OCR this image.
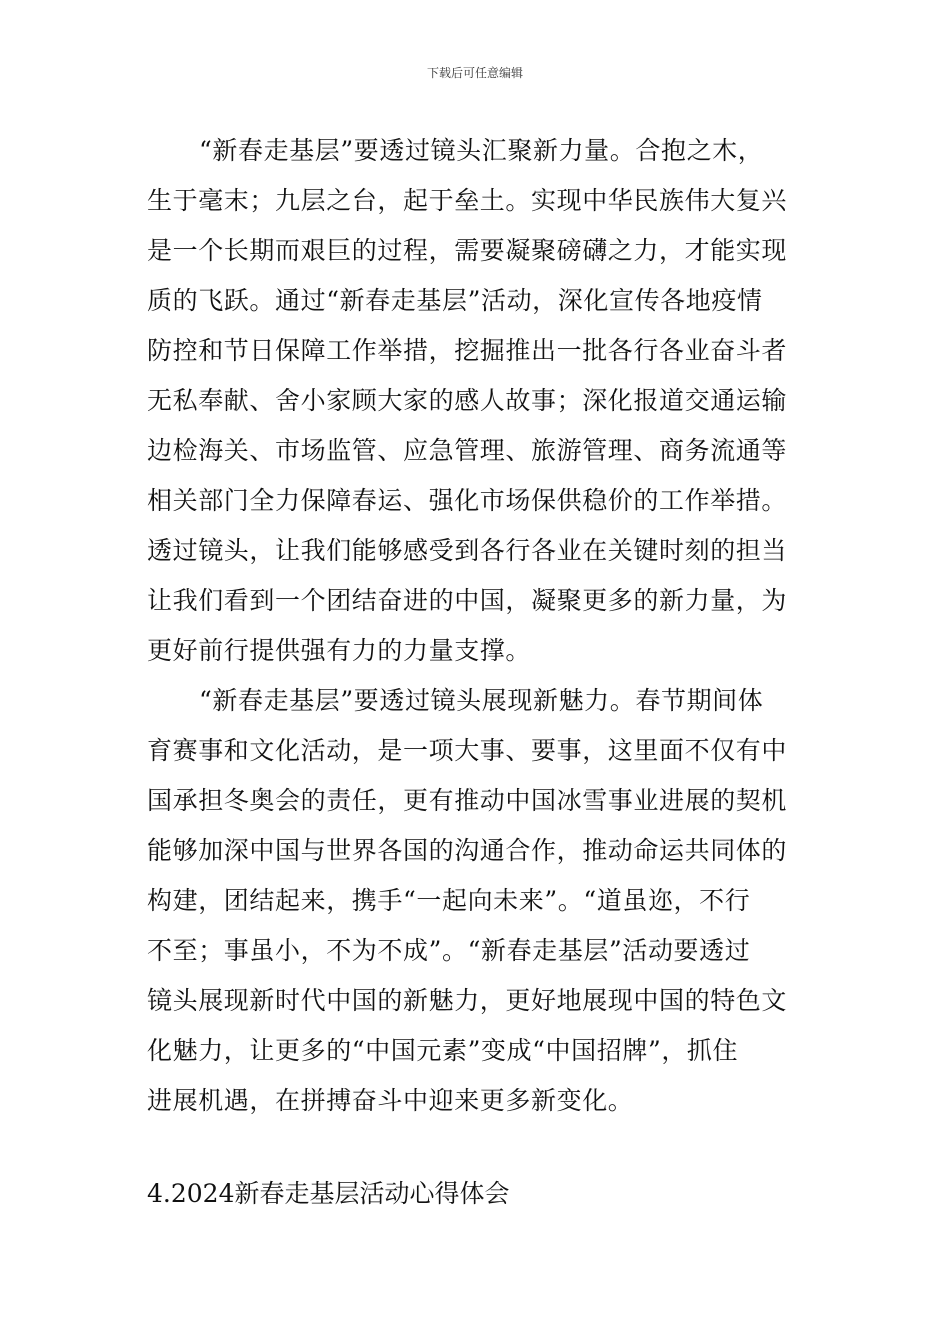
下载后可任意编辑

“新春走基层”要透过镜头汇聚新力量。合抱之木，
生于毫末；九层之台，起于垒土。实现中华民族伟大复兴
是一个长期而艰巨的过程，需要凝聚磅礴之力，才能实现
质的飞跃。通过“新春走基层”活动，深化宣传各地疫情
防控和节日保障工作举措，挖掘推出一批各行各业奋斗者
无私奉献、舍小家顾大家的感人故事；深化报道交通运输
边检海关、市场监管、应急管理、旅游管理、商务流通等
相关部门全力保障春运、强化市场保供稳价的工作举措。
透过镜头，让我们能够感受到各行各业在关键时刻的担当
让我们看到一个团结奋进的中国，凝聚更多的新力量，为
更好前行提供强有力的力量支撑。

“新春走基层”要透过镜头展现新魅力。春节期间体
育赛事和文化活动，是一项大事、要事，这里面不仅有中
国承担冬奥会的责任，更有推动中国冰雪事业进展的契机
能够加深中国与世界各国的沟通合作，推动命运共同体的
构建，团结起来，携手“一起向未来”。“道虽迩，不行
不至；事虽小，不为不成”。“新春走基层”活动要透过
镜头展现新时代中国的新魅力，更好地展现中国的特色文
化魅力，让更多的“中国元素”变成“中国招牌”，抓住
进展机遇，在拼搏奋斗中迎来更多新变化。

4.2024新春走基层活动心得体会
